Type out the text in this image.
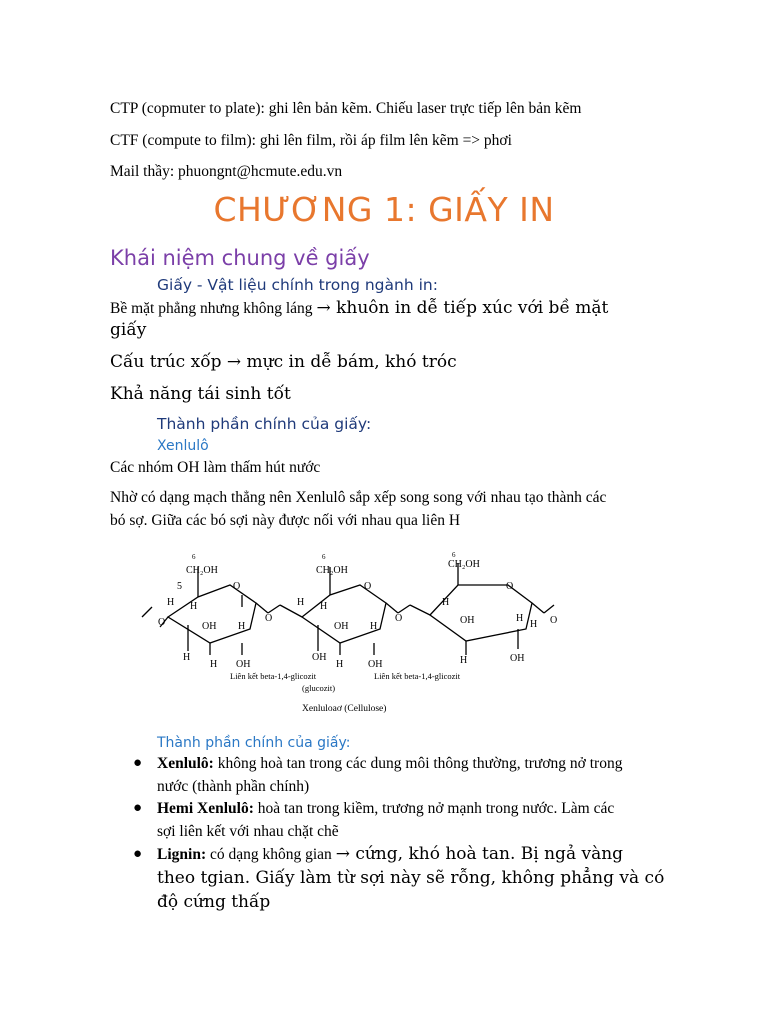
CTP (copmuter to plate): ghi lên bản kẽm. Chiếu laser trực tiếp lên bản kẽm
CTF (compute to film): ghi lên film, rồi áp film lên kẽm => phơi
Mail thầy: phuongnt@hcmute.edu.vn
CHƯƠNG 1: GIẤY IN
Khái niệm chung về giấy
Giấy - Vật liệu chính trong ngành in:
Bề mặt phẳng nhưng không láng → khuôn in dễ tiếp xúc với bề mặt
giấy
Cấu trúc xốp → mực in dễ bám, khó tróc
Khả năng tái sinh tốt
Thành phần chính của giấy:
Xenlulô
Các nhóm OH làm thấm hút nước
Nhờ có dạng mạch thẳng nên Xenlulô sắp xếp song song với nhau tạo thành các
bó sợ. Giữa các bó sợi này được nối với nhau qua liên H
6
CH₂OH
O
O
H
5
H
OH H
H
H OH
O
6
CH₂OH
O
H H
OH H
OH
H OH
O
6
CH₂OH
O
H
OH	H
H	OH
H O
Liên kết beta-1,4-glicozit
(glucozit)
Liên kết beta-1,4-glicozit
Xenluloaơ (Cellulose)
Thành phần chính của giấy:
● Xenlulô: không hoà tan trong các dung môi thông thường, trương nở trong
nước (thành phần chính)
● Hemi Xenlulô: hoà tan trong kiềm, trương nở mạnh trong nước. Làm các
sợi liên kết với nhau chặt chẽ
● Lignin: có dạng không gian → cứng, khó hoà tan. Bị ngả vàng
theo tgian. Giấy làm từ sợi này sẽ rỗng, không phẳng và có
độ cứng thấp
